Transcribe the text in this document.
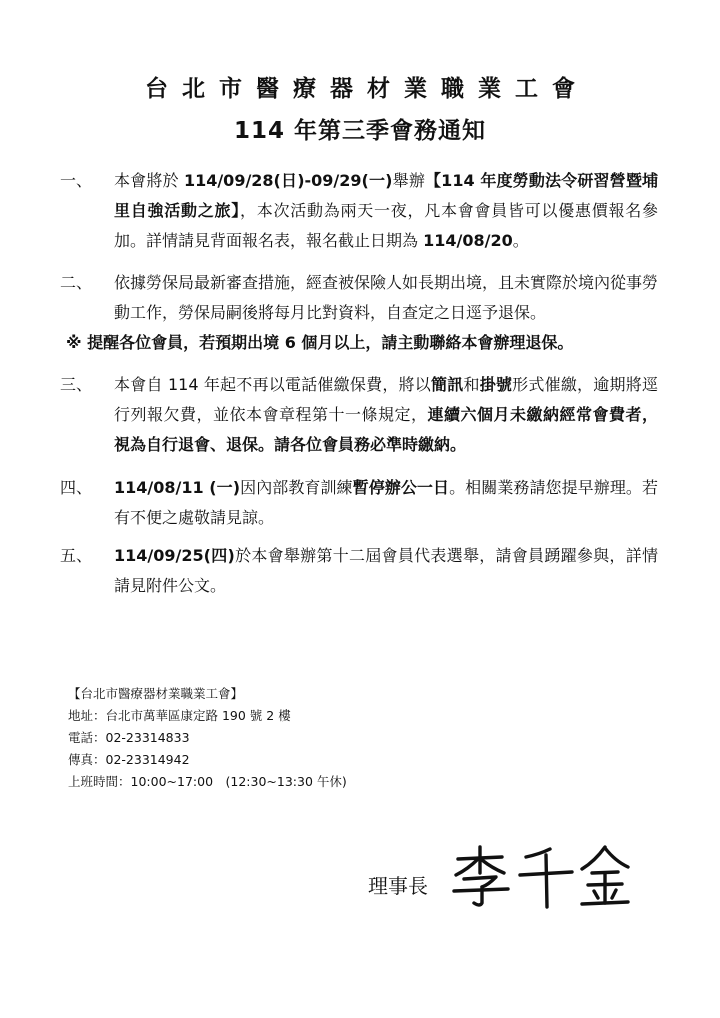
台北市醫療器材業職業工會
114 年第三季會務通知
一、	本會將於 114/09/28(日)-09/29(一)舉辦【114 年度勞動法令研習營暨埔里自強活動之旅】，本次活動為兩天一夜，凡本會會員皆可以優惠價報名參加。詳情請見背面報名表，報名截止日期為 114/08/20。
二、	依據勞保局最新審查措施，經查被保險人如長期出境，且未實際於境內從事勞動工作，勞保局嗣後將每月比對資料，自查定之日逕予退保。
※ 提醒各位會員，若預期出境 6 個月以上，請主動聯絡本會辦理退保。
三、	本會自 114 年起不再以電話催繳保費，將以簡訊和掛號形式催繳，逾期將逕行列報欠費，並依本會章程第十一條規定，連續六個月未繳納經常會費者，視為自行退會、退保。請各位會員務必準時繳納。
四、	114/08/11 (一)因內部教育訓練暫停辦公一日。相關業務請您提早辦理。若有不便之處敬請見諒。
五、	114/09/25(四)於本會舉辦第十二屆會員代表選舉，請會員踴躍參與，詳情請見附件公文。
【台北市醫療器材業職業工會】
地址：台北市萬華區康定路 190 號 2 樓
電話：02-23314833
傳真：02-23314942
上班時間：10:00~17:00　(12:30~13:30 午休)
理事長
